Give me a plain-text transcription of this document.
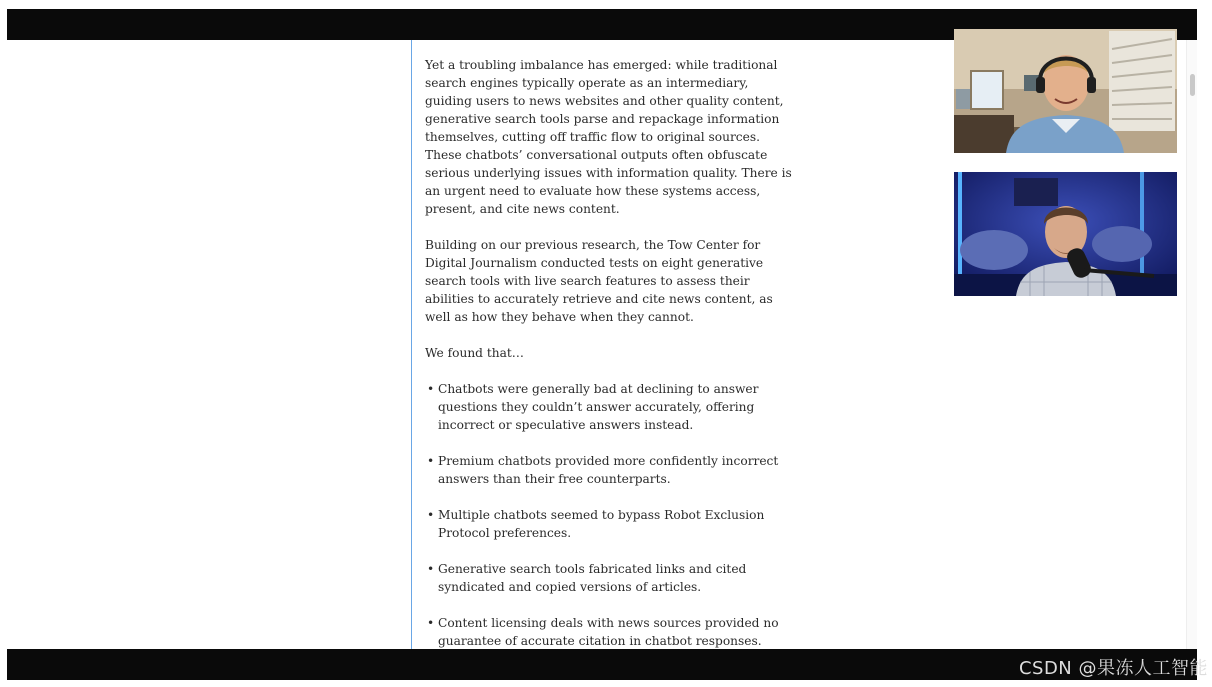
Yet a troubling imbalance has emerged: while traditional search engines typically operate as an intermediary, guiding users to news websites and other quality content, generative search tools parse and repackage information themselves, cutting off traffic flow to original sources. These chatbots’ conversational outputs often obfuscate serious underlying issues with information quality. There is an urgent need to evaluate how these systems access, present, and cite news content.

Building on our previous research, the Tow Center for Digital Journalism conducted tests on eight generative search tools with live search features to assess their abilities to accurately retrieve and cite news content, as well as how they behave when they cannot.

We found that…

• Chatbots were generally bad at declining to answer questions they couldn’t answer accurately, offering incorrect or speculative answers instead.
• Premium chatbots provided more confidently incorrect answers than their free counterparts.
• Multiple chatbots seemed to bypass Robot Exclusion Protocol preferences.
• Generative search tools fabricated links and cited syndicated and copied versions of articles.
• Content licensing deals with news sources provided no guarantee of accurate citation in chatbot responses.
CSDN @果冻人工智能
